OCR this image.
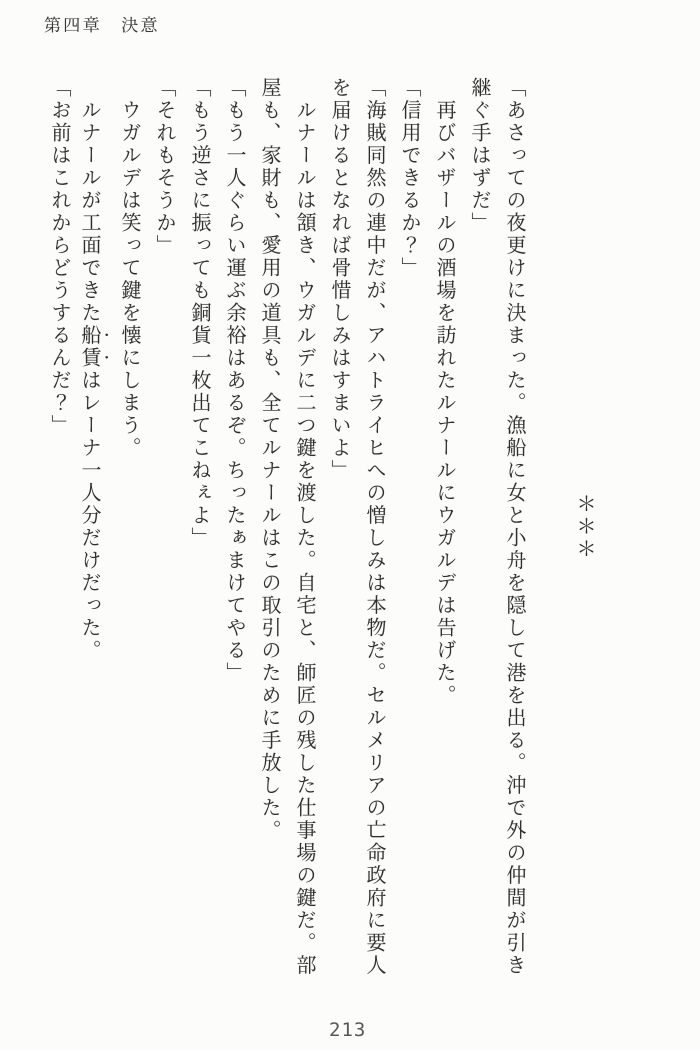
第四章　決意
＊＊＊
「あさっての夜更けに決まった。漁船に女と小舟を隠して港を出る。沖で外の仲間が引き
継ぐ手はずだ」
　再びバザールの酒場を訪れたルナールにウガルデは告げた。
「信用できるか？」
「海賊同然の連中だが、アハトライヒへの憎しみは本物だ。セルメリアの亡命政府に要人
を届けるとなれば骨惜しみはすまいよ」
　ルナールは頷き、ウガルデに二つ鍵を渡した。自宅と、師匠の残した仕事場の鍵だ。部
屋も、家財も、愛用の道具も、全てルナールはこの取引のために手放した。
「もう一人ぐらい運ぶ余裕はあるぞ。ちったぁまけてやる」
「もう逆さに振っても銅貨一枚出てこねぇよ」
「それもそうか」
　ウガルデは笑って鍵を懐にしまう。
　ルナールが工面できた船賃はレーナ一人分だけだった。
「お前はこれからどうするんだ？」
213
